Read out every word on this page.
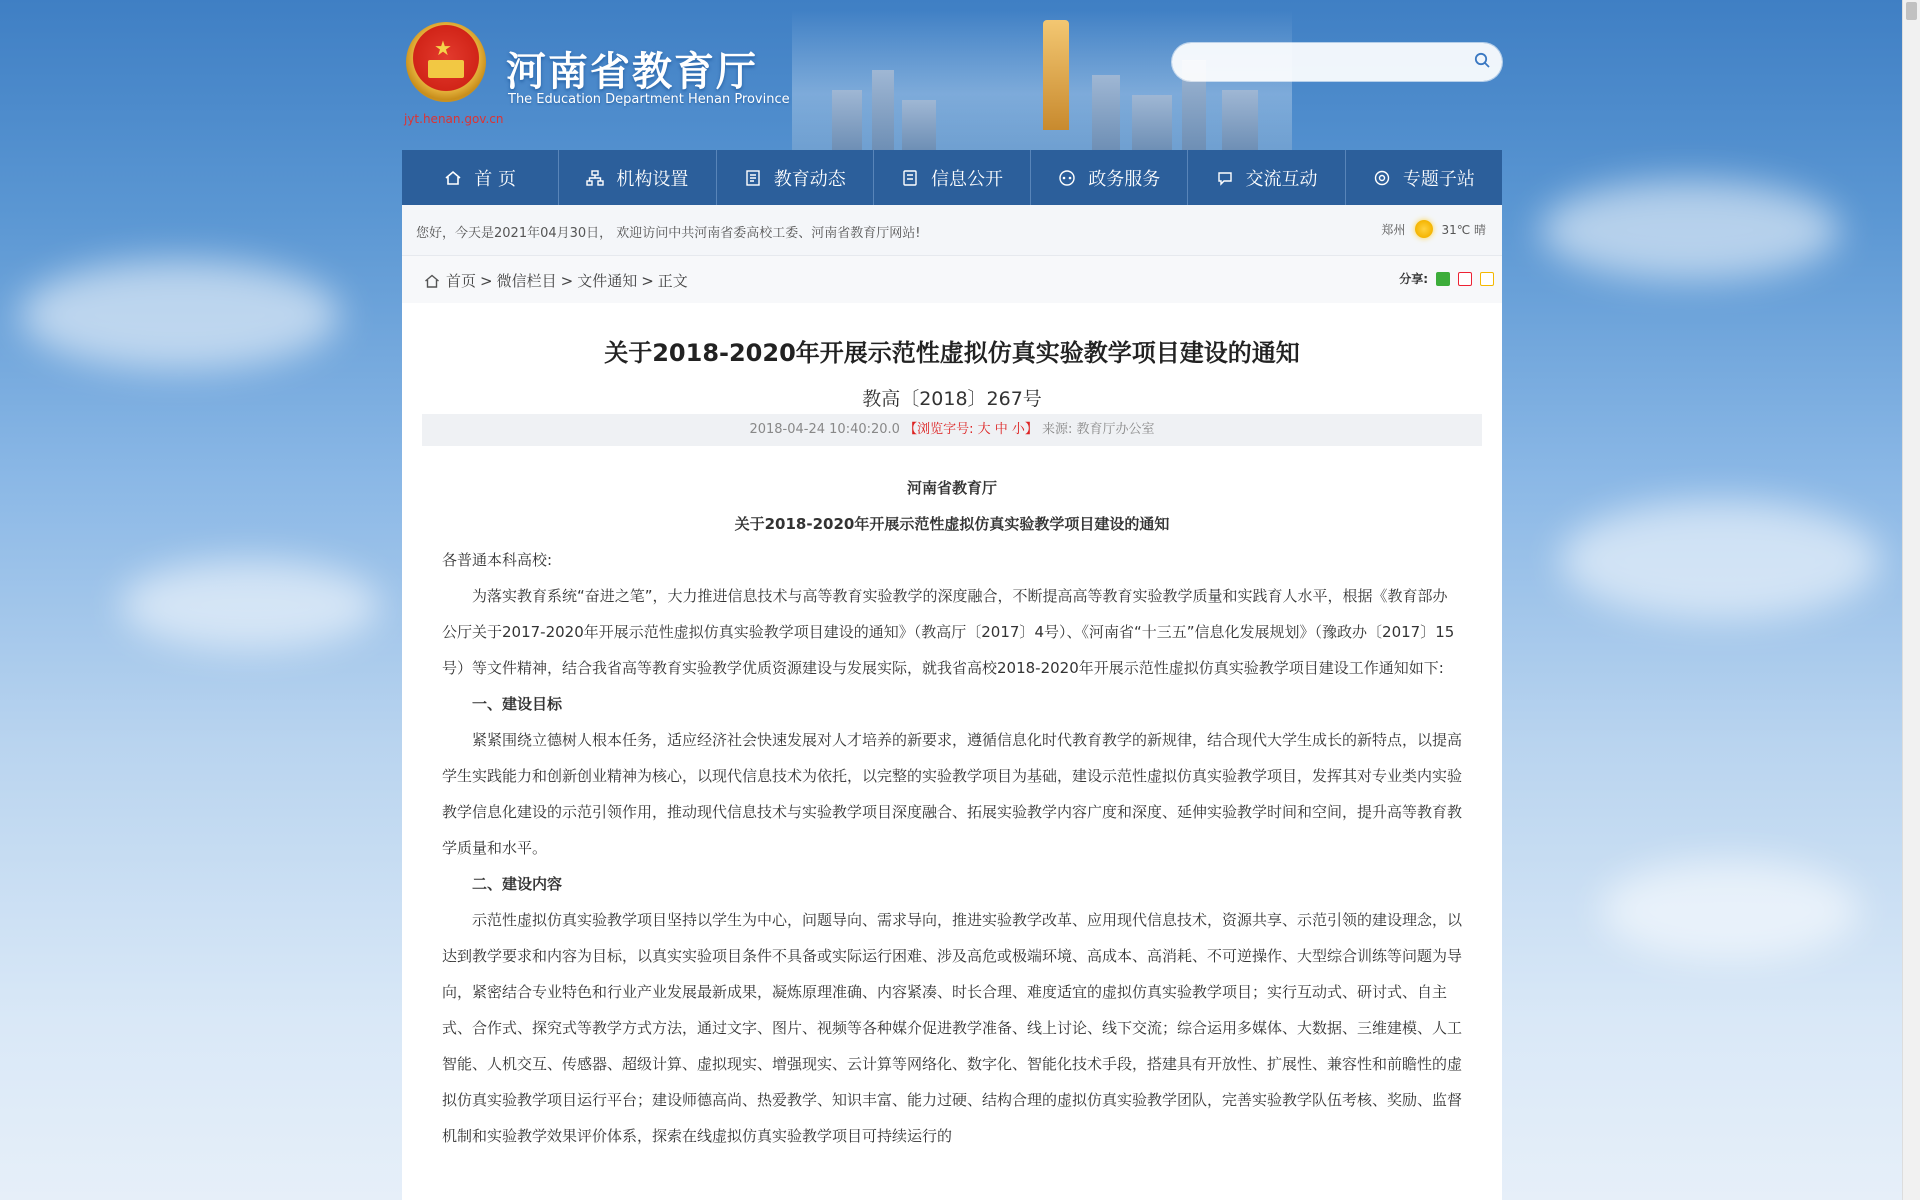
★
jyt.henan.gov.cn
河南省教育厅
The Education Department Henan Province
首 页	机构设置	教育动态	信息公开	政务服务	交流互动	专题子站
您好，今天是2021年04月30日， 欢迎访问中共河南省委高校工委、河南省教育厅网站!	郑州	31℃ 晴
首页 > 微信栏目 > 文件通知 > 正文	分享:
关于2018-2020年开展示范性虚拟仿真实验教学项目建设的通知
教高〔2018〕267号
2018-04-24 10:40:20.0 【浏览字号: 大 中 小】 来源: 教育厅办公室
河南省教育厅
关于2018-2020年开展示范性虚拟仿真实验教学项目建设的通知

各普通本科高校:

为落实教育系统“奋进之笔”，大力推进信息技术与高等教育实验教学的深度融合，不断提高高等教育实验教学质量和实践育人水平，根据《教育部办公厅关于2017-2020年开展示范性虚拟仿真实验教学项目建设的通知》（教高厅〔2017〕4号）、《河南省“十三五”信息化发展规划》（豫政办〔2017〕15号）等文件精神，结合我省高等教育实验教学优质资源建设与发展实际，就我省高校2018-2020年开展示范性虚拟仿真实验教学项目建设工作通知如下:

一、建设目标

紧紧围绕立德树人根本任务，适应经济社会快速发展对人才培养的新要求，遵循信息化时代教育教学的新规律，结合现代大学生成长的新特点，以提高学生实践能力和创新创业精神为核心，以现代信息技术为依托，以完整的实验教学项目为基础，建设示范性虚拟仿真实验教学项目，发挥其对专业类内实验教学信息化建设的示范引领作用，推动现代信息技术与实验教学项目深度融合、拓展实验教学内容广度和深度、延伸实验教学时间和空间，提升高等教育教学质量和水平。

二、建设内容

示范性虚拟仿真实验教学项目坚持以学生为中心，问题导向、需求导向，推进实验教学改革、应用现代信息技术，资源共享、示范引领的建设理念，以达到教学要求和内容为目标，以真实实验项目条件不具备或实际运行困难、涉及高危或极端环境、高成本、高消耗、不可逆操作、大型综合训练等问题为导向，紧密结合专业特色和行业产业发展最新成果，凝炼原理准确、内容紧凑、时长合理、难度适宜的虚拟仿真实验教学项目；实行互动式、研讨式、自主式、合作式、探究式等教学方式方法，通过文字、图片、视频等各种媒介促进教学准备、线上讨论、线下交流；综合运用多媒体、大数据、三维建模、人工智能、人机交互、传感器、超级计算、虚拟现实、增强现实、云计算等网络化、数字化、智能化技术手段，搭建具有开放性、扩展性、兼容性和前瞻性的虚拟仿真实验教学项目运行平台；建设师德高尚、热爱教学、知识丰富、能力过硬、结构合理的虚拟仿真实验教学团队，完善实验教学队伍考核、奖励、监督机制和实验教学效果评价体系，探索在线虚拟仿真实验教学项目可持续运行的
